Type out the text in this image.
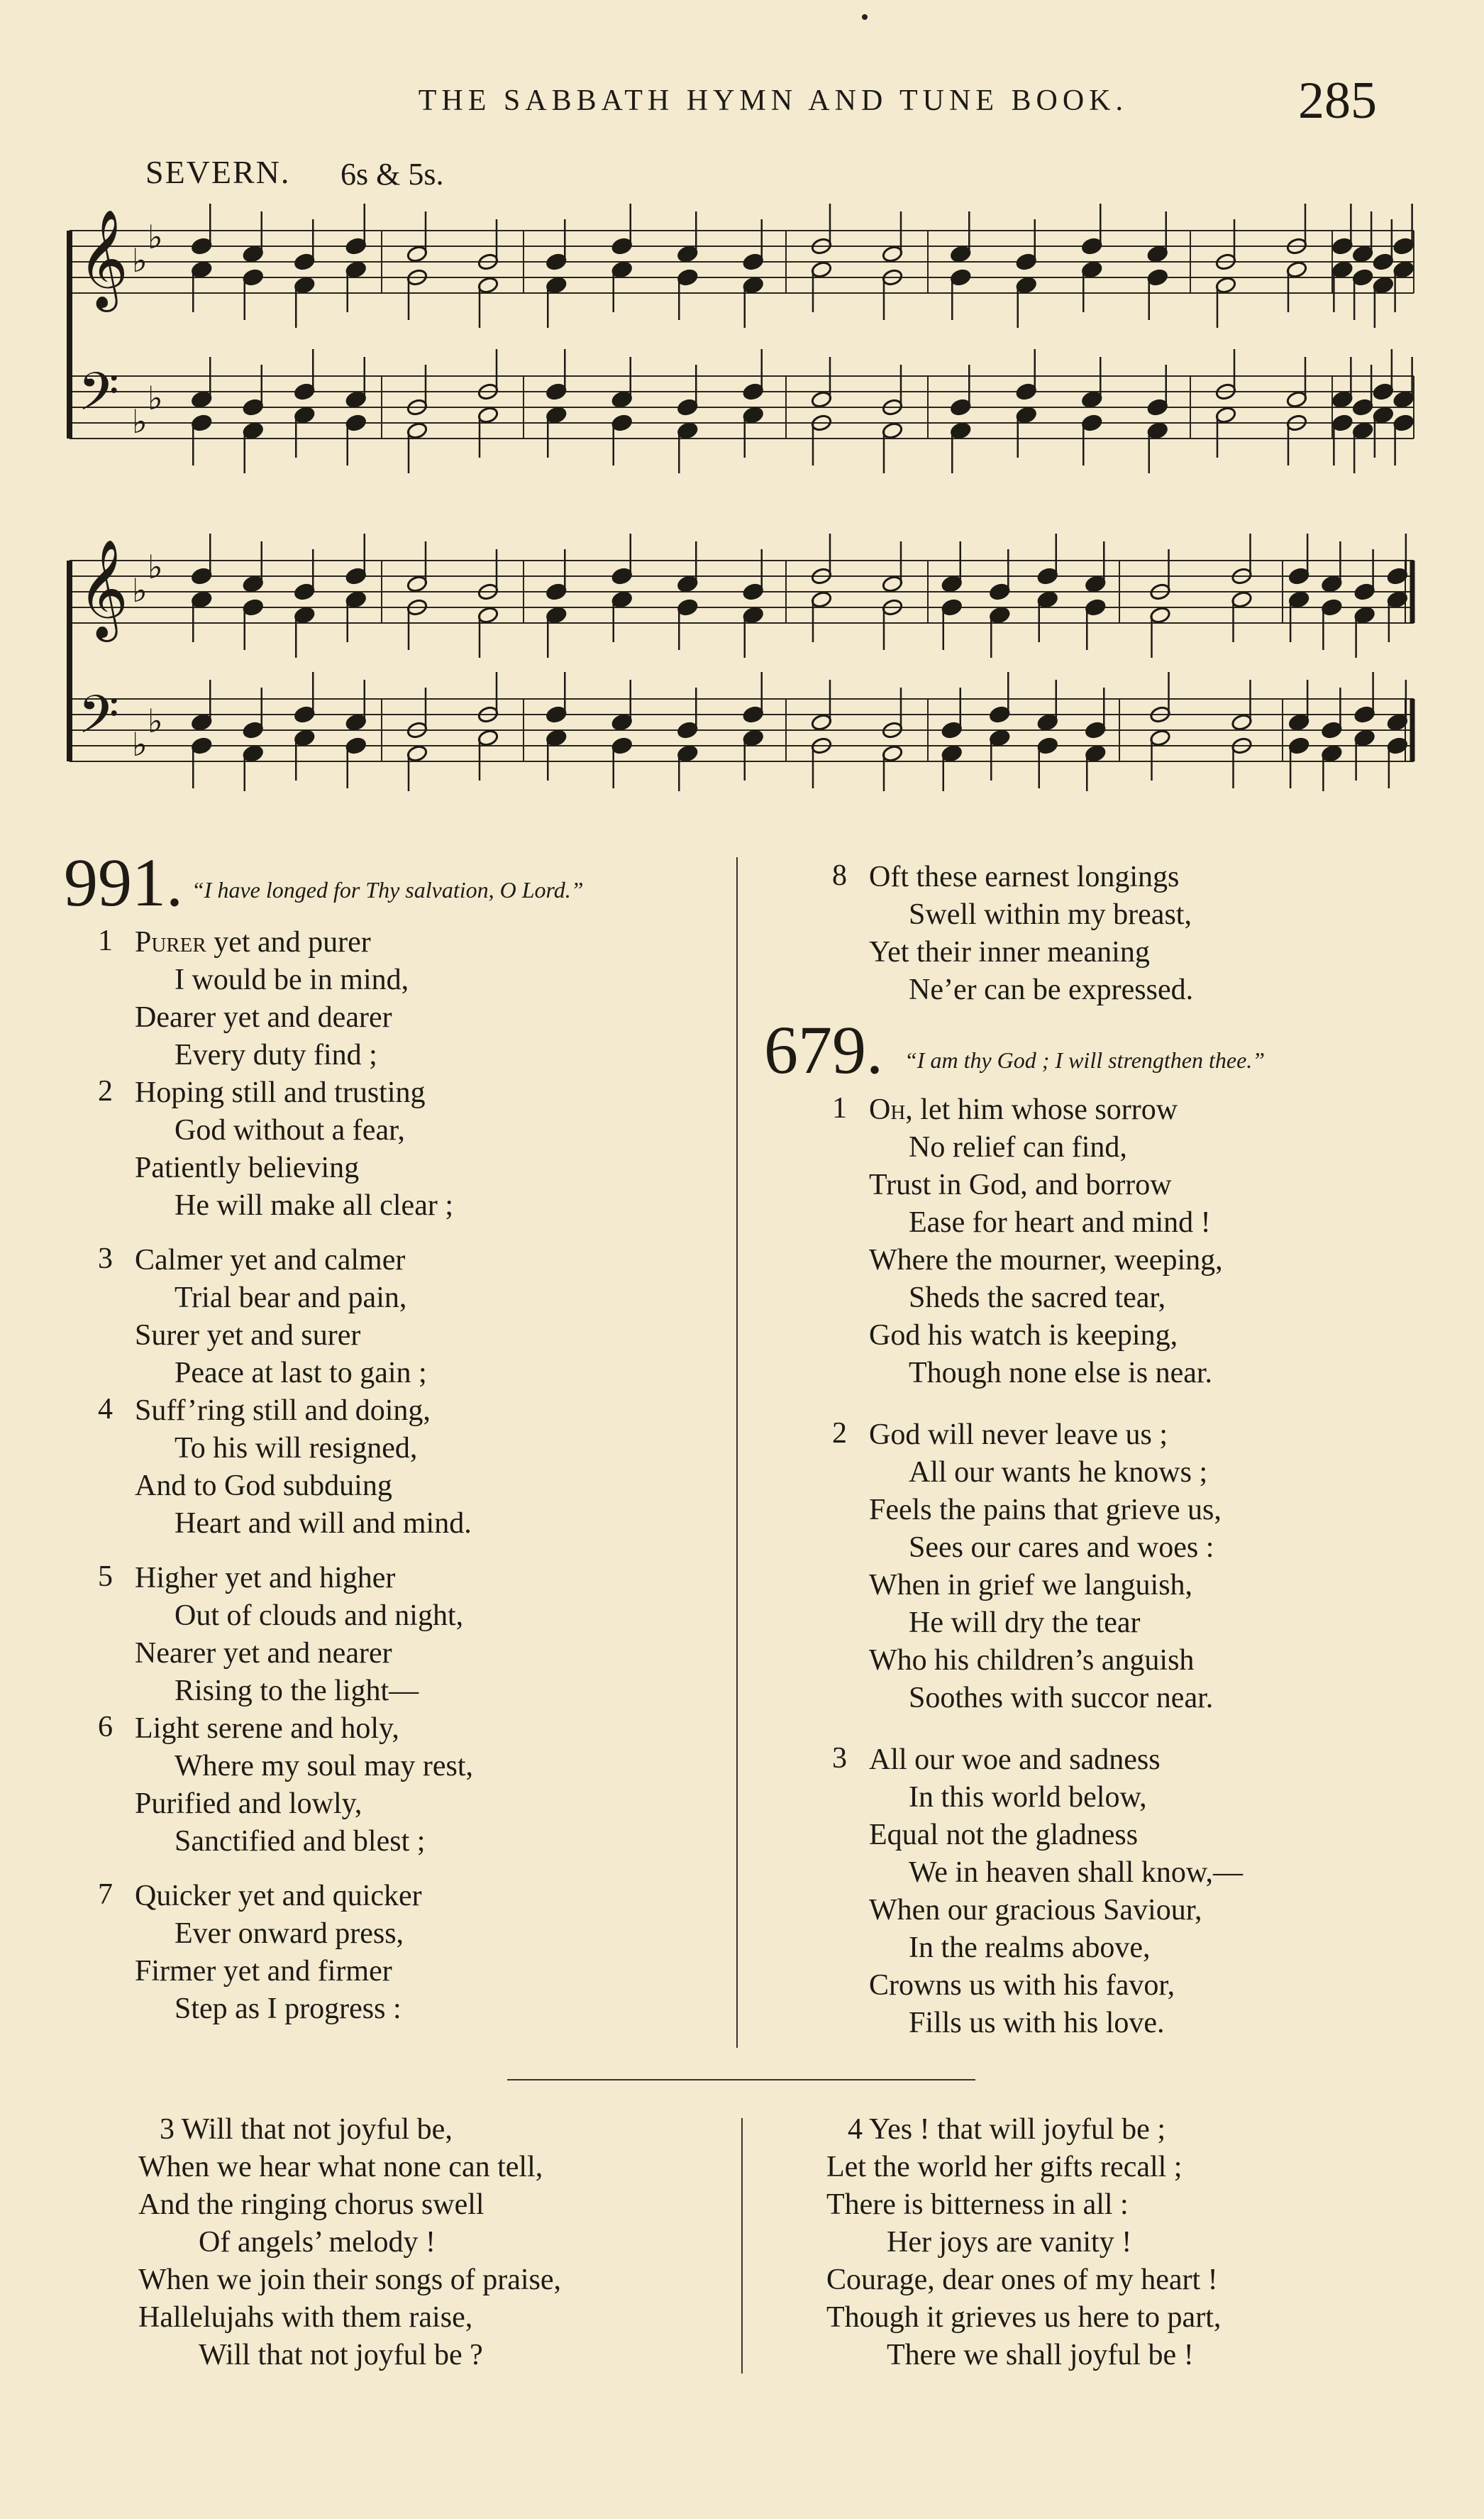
THE SABBATH HYMN AND TUNE BOOK.	285
SEVERN. 6s & 5s.
𝄞
𝄢
♭
♭
♭
♭
𝄞
𝄢
♭
♭
♭
♭
991. “I have longed for Thy salvation, O Lord.”
1 Purer yet and purer
I would be in mind,
Dearer yet and dearer
Every duty find ;
2 Hoping still and trusting
God without a fear,
Patiently believing
He will make all clear ;
3 Calmer yet and calmer
Trial bear and pain,
Surer yet and surer
Peace at last to gain ;
4 Suff’ring still and doing,
To his will resigned,
And to God subduing
Heart and will and mind.
5 Higher yet and higher
Out of clouds and night,
Nearer yet and nearer
Rising to the light—
6 Light serene and holy,
Where my soul may rest,
Purified and lowly,
Sanctified and blest ;
7 Quicker yet and quicker
Ever onward press,
Firmer yet and firmer
Step as I progress :
8 Oft these earnest longings
Swell within my breast,
Yet their inner meaning
Ne’er can be expressed.
679. “I am thy God ; I will strengthen thee.”
1 Oh, let him whose sorrow
No relief can find,
Trust in God, and borrow
Ease for heart and mind !
Where the mourner, weeping,
Sheds the sacred tear,
God his watch is keeping,
Though none else is near.
2 God will never leave us ;
All our wants he knows ;
Feels the pains that grieve us,
Sees our cares and woes :
When in grief we languish,
He will dry the tear
Who his children’s anguish
Soothes with succor near.
3 All our woe and sadness
In this world below,
Equal not the gladness
We in heaven shall know,—
When our gracious Saviour,
In the realms above,
Crowns us with his favor,
Fills us with his love.
3 Will that not joyful be,
When we hear what none can tell,
And the ringing chorus swell
Of angels’ melody !
When we join their songs of praise,
Hallelujahs with them raise,
Will that not joyful be ?
4 Yes ! that will joyful be ;
Let the world her gifts recall ;
There is bitterness in all :
Her joys are vanity !
Courage, dear ones of my heart !
Though it grieves us here to part,
There we shall joyful be !
